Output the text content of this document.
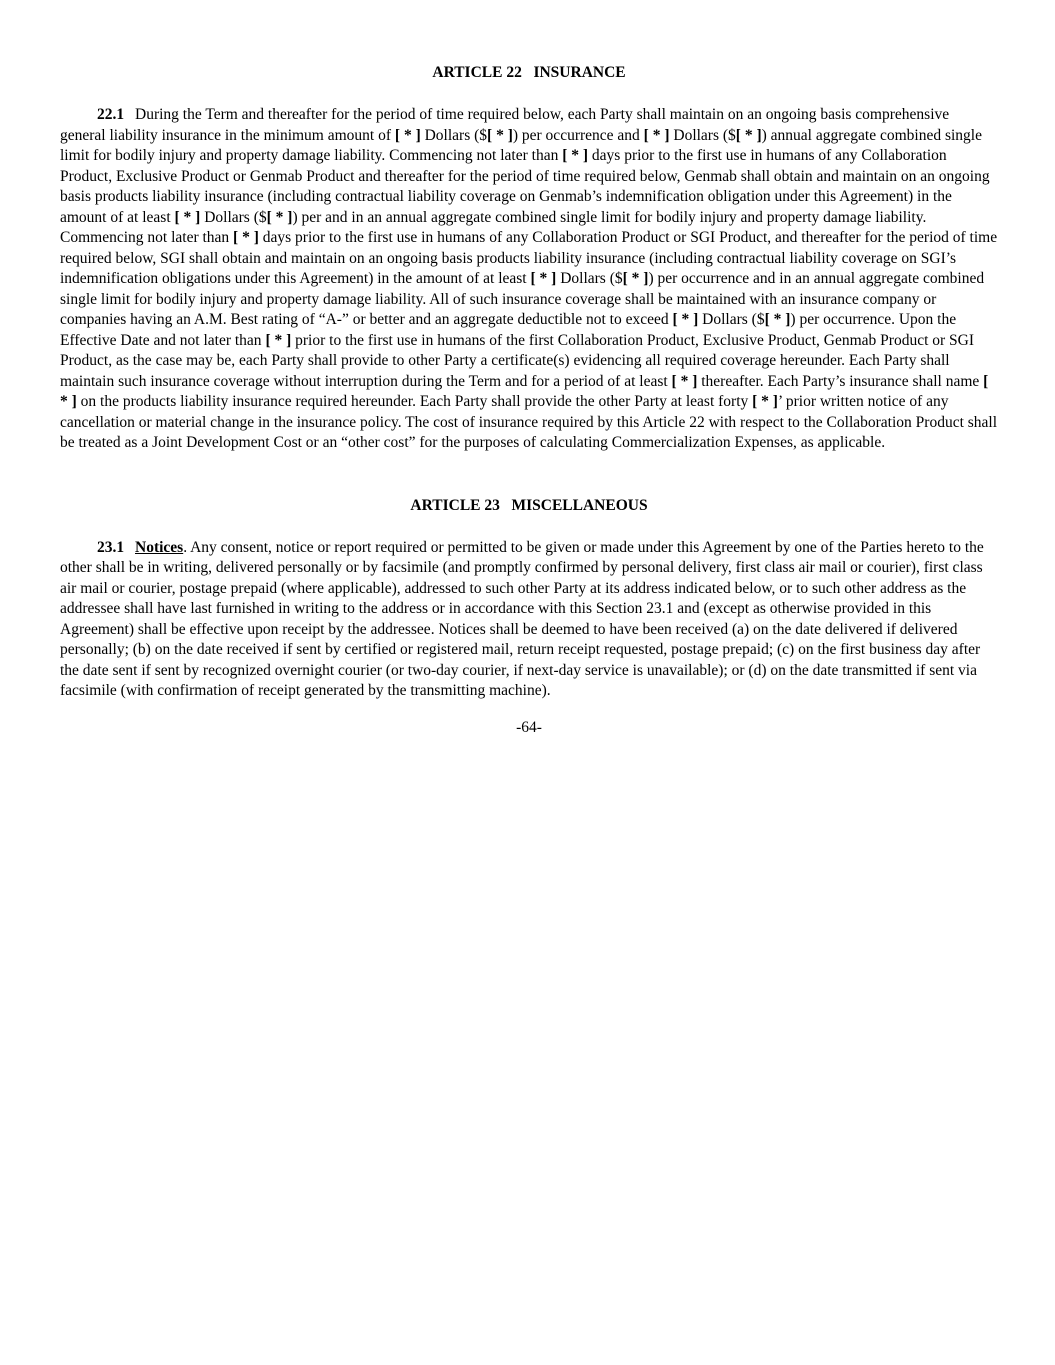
ARTICLE 22   INSURANCE

22.1 During the Term and thereafter for the period of time required below, each Party shall maintain on an ongoing basis comprehensive general liability insurance in the minimum amount of [ * ] Dollars ($[ * ]) per occurrence and [ * ] Dollars ($[ * ]) annual aggregate combined single limit for bodily injury and property damage liability. Commencing not later than [ * ] days prior to the first use in humans of any Collaboration Product, Exclusive Product or Genmab Product and thereafter for the period of time required below, Genmab shall obtain and maintain on an ongoing basis products liability insurance (including contractual liability coverage on Genmab’s indemnification obligation under this Agreement) in the amount of at least [ * ] Dollars ($[ * ]) per and in an annual aggregate combined single limit for bodily injury and property damage liability. Commencing not later than [ * ] days prior to the first use in humans of any Collaboration Product or SGI Product, and thereafter for the period of time required below, SGI shall obtain and maintain on an ongoing basis products liability insurance (including contractual liability coverage on SGI’s indemnification obligations under this Agreement) in the amount of at least [ * ] Dollars ($[ * ]) per occurrence and in an annual aggregate combined single limit for bodily injury and property damage liability. All of such insurance coverage shall be maintained with an insurance company or companies having an A.M. Best rating of “A-” or better and an aggregate deductible not to exceed [ * ] Dollars ($[ * ]) per occurrence. Upon the Effective Date and not later than [ * ] prior to the first use in humans of the first Collaboration Product, Exclusive Product, Genmab Product or SGI Product, as the case may be, each Party shall provide to other Party a certificate(s) evidencing all required coverage hereunder. Each Party shall maintain such insurance coverage without interruption during the Term and for a period of at least [ * ] thereafter. Each Party’s insurance shall name [ * ] on the products liability insurance required hereunder. Each Party shall provide the other Party at least forty [ * ]’ prior written notice of any cancellation or material change in the insurance policy. The cost of insurance required by this Article 22 with respect to the Collaboration Product shall be treated as a Joint Development Cost or an “other cost” for the purposes of calculating Commercialization Expenses, as applicable.

ARTICLE 23   MISCELLANEOUS

23.1 Notices. Any consent, notice or report required or permitted to be given or made under this Agreement by one of the Parties hereto to the other shall be in writing, delivered personally or by facsimile (and promptly confirmed by personal delivery, first class air mail or courier), first class air mail or courier, postage prepaid (where applicable), addressed to such other Party at its address indicated below, or to such other address as the addressee shall have last furnished in writing to the address or in accordance with this Section 23.1 and (except as otherwise provided in this Agreement) shall be effective upon receipt by the addressee. Notices shall be deemed to have been received (a) on the date delivered if delivered personally; (b) on the date received if sent by certified or registered mail, return receipt requested, postage prepaid; (c) on the first business day after the date sent if sent by recognized overnight courier (or two-day courier, if next-day service is unavailable); or (d) on the date transmitted if sent via facsimile (with confirmation of receipt generated by the transmitting machine).

-64-
